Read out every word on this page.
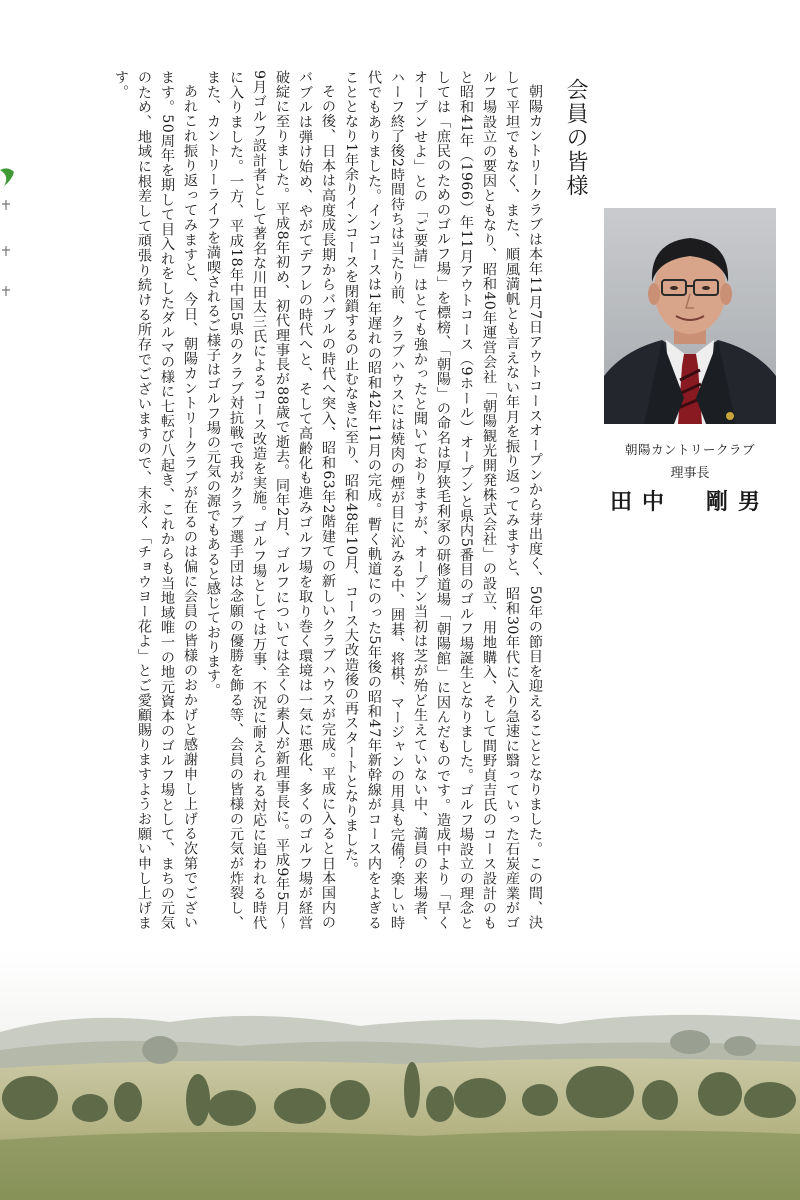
会員の皆様

朝陽カントリークラブは本年11月7日アウトコースオープンから芽出度く、50年の節目を迎えることとなりました。この間、決して平坦でもなく、また、順風満帆とも言えない年月を振り返ってみますと、昭和30年代に入り急速に翳っていった石炭産業がゴルフ場設立の要因ともなり、昭和40年運営会社「朝陽観光開発株式会社」の設立、用地購入、そして間野貞吉氏のコース設計のもと昭和41年（1966）年11月アウトコース（9ホール）オープンと県内5番目のゴルフ場誕生となりました。ゴルフ場設立の理念としては「庶民のためのゴルフ場」を標榜、「朝陽」の命名は厚狭毛利家の研修道場「朝陽館」に因んだものです。造成中より「早くオープンせよ」との「ご要請」はとても強かったと聞いておりますが、オープン当初は芝が殆ど生えていない中、満員の来場者、ハーフ終了後2時間待ちは当たり前、クラブハウスには焼肉の煙が目に沁みる中、囲碁、将棋、マージャンの用具も完備？楽しい時代でもありました。インコースは1年遅れの昭和42年11月の完成。暫く軌道にのった5年後の昭和47年新幹線がコース内をよぎることとなり1年余りインコースを閉鎖するの止むなきに至り、昭和48年10月、コース大改造後の再スタートとなりました。

その後、日本は高度成長期からバブルの時代へ突入、昭和63年2階建ての新しいクラブハウスが完成。平成に入ると日本国内のバブルは弾け始め、やがてデフレの時代へと、そして高齢化も進みゴルフ場を取り巻く環境は一気に悪化、多くのゴルフ場が経営破綻に至りました。平成8年初め、初代理事長が88歳で逝去。同年2月、ゴルフについては全くの素人が新理事長に。平成9年5月～9月ゴルフ設計者として著名な川田太三氏によるコース改造を実施。ゴルフ場としては万事、不況に耐えられる対応に追われる時代に入りました。一方、平成18年中国5県のクラブ対抗戦で我がクラブ選手団は念願の優勝を飾る等、会員の皆様の元気が炸裂し、また、カントリーライフを満喫されるご様子はゴルフ場の元気の源でもあると感じております。

あれこれ振り返ってみますと、今日、朝陽カントリークラブが在るのは偏に会員の皆様のおかげと感謝申し上げる次第でございます。50周年を期して目入れをしたダルマの様に七転び八起き、これからも当地域唯一の地元資本のゴルフ場として、まちの元気のため、地域に根差して頑張り続ける所存でございますので、末永く「チョウヨー花よ」とご愛顧賜りますようお願い申し上げます。

朝陽カントリークラブ
理事長
田中　剛男
